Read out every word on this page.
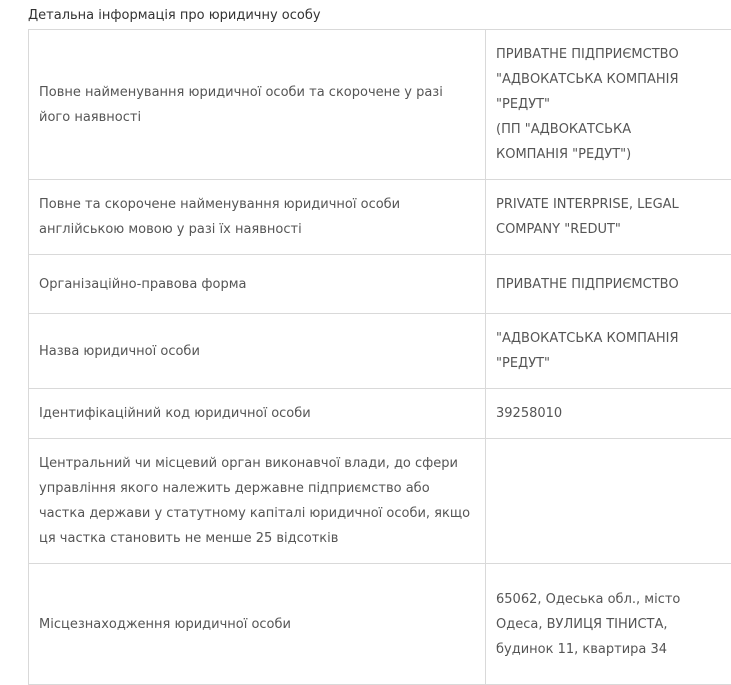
Детальна інформація про юридичну особу
Повне найменування юридичної особи та скорочене у разі його наявності	ПРИВАТНЕ ПІДПРИЄМСТВО
"АДВОКАТСЬКА КОМПАНІЯ
"РЕДУТ"
(ПП "АДВОКАТСЬКА
КОМПАНІЯ "РЕДУТ")

Повне та скорочене найменування юридичної особи англійською мовою у разі їх наявності	PRIVATE INTERPRISE, LEGAL
COMPANY "REDUT"

Організаційно-правова форма	ПРИВАТНЕ ПІДПРИЄМСТВО

Назва юридичної особи	"АДВОКАТСЬКА КОМПАНІЯ
"РЕДУТ"

Ідентифікаційний код юридичної особи	39258010

Центральний чи місцевий орган виконавчої влади, до сфери управління якого належить державне підприємство або частка держави у статутному капіталі юридичної особи, якщо ця частка становить не менше 25 відсотків	

Місцезнаходження юридичної особи	65062, Одеська обл., місто
Одеса, ВУЛИЦЯ ТІНИСТА,
будинок 11, квартира 34
